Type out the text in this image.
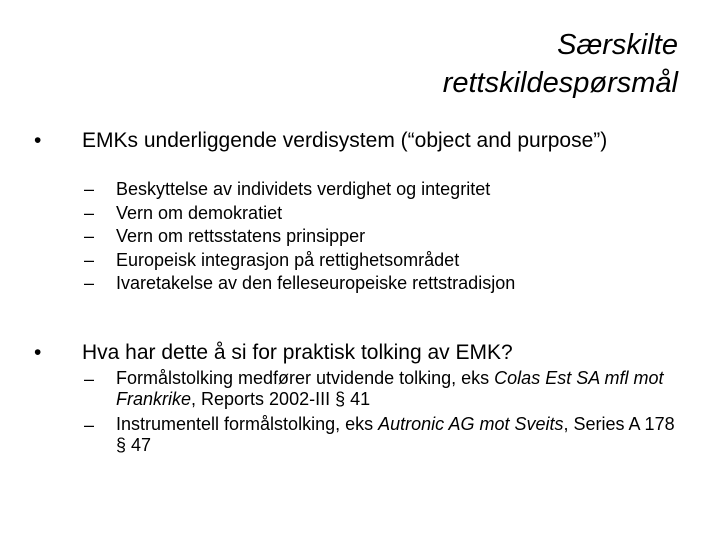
Særskilte
rettskildespørsmål
•	EMKs underliggende verdisystem (“object and purpose”)
–	Beskyttelse av individets verdighet og integritet
–	Vern om demokratiet
–	Vern om rettsstatens prinsipper
–	Europeisk integrasjon på rettighetsområdet
–	Ivaretakelse av den felleseuropeiske rettstradisjon
•	Hva har dette å si for praktisk tolking av EMK?
–	Formålstolking medfører utvidende tolking, eks Colas Est SA mfl mot Frankrike, Reports 2002-III § 41
–	Instrumentell formålstolking, eks Autronic AG mot Sveits, Series A 178 § 47
